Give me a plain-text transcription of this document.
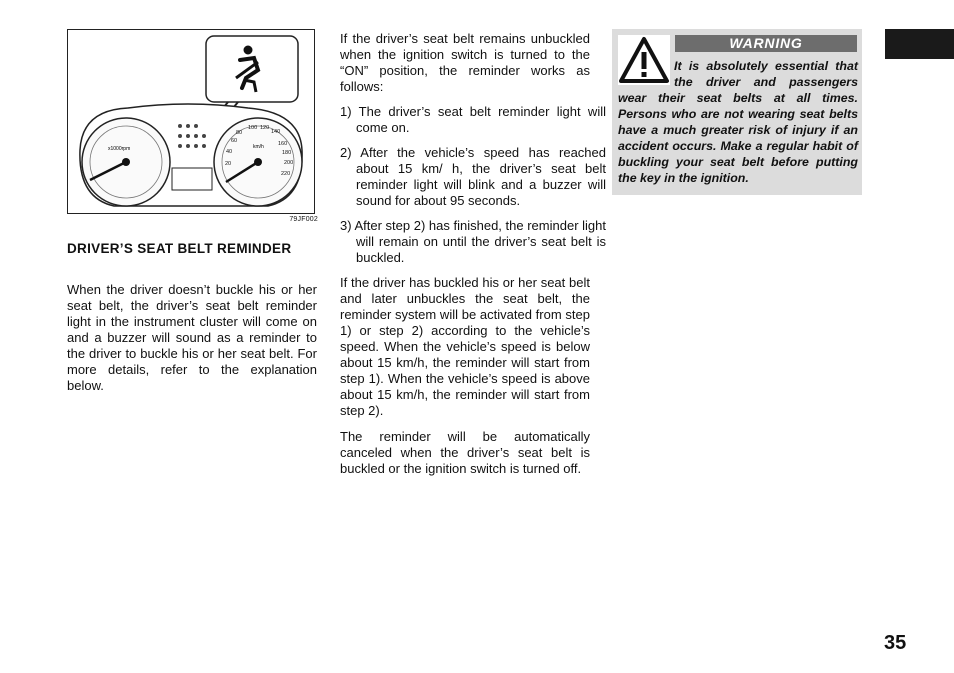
x1000rpm	km/h
80
100 120
140
160
180
200
220
60
40
20
79JF002
DRIVER’S SEAT BELT REMINDER

When the driver doesn’t buckle his or her seat belt, the driver’s seat belt reminder light in the instrument cluster will come on and a buzzer will sound as a reminder to the driver to buckle his or her seat belt. For more details, refer to the explanation below.

If the driver’s seat belt remains unbuckled when the ignition switch is turned to the “ON” position, the reminder works as follows:

1) The driver’s seat belt reminder light will come on.

2) After the vehicle’s speed has reached about 15 km/ h, the driver’s seat belt reminder light will blink and a buzzer will sound for about 95 seconds.

3) After step 2) has finished, the reminder light will remain on until the driver’s seat belt is buckled.

If the driver has buckled his or her seat belt and later unbuckles the seat belt, the reminder system will be activated from step 1) or step 2) according to the vehicle’s speed. When the vehicle’s speed is below about 15 km/h, the reminder will start from step 1). When the vehicle’s speed is above about 15 km/h, the reminder will start from step 2).

The reminder will be automatically canceled when the driver’s seat belt is buckled or the ignition switch is turned off.

WARNING
It is absolutely essential that the driver and passengers wear their seat belts at all times. Persons who are not wearing seat belts have a much greater risk of injury if an accident occurs. Make a regular habit of buckling your seat belt before putting the key in the ignition.
35
